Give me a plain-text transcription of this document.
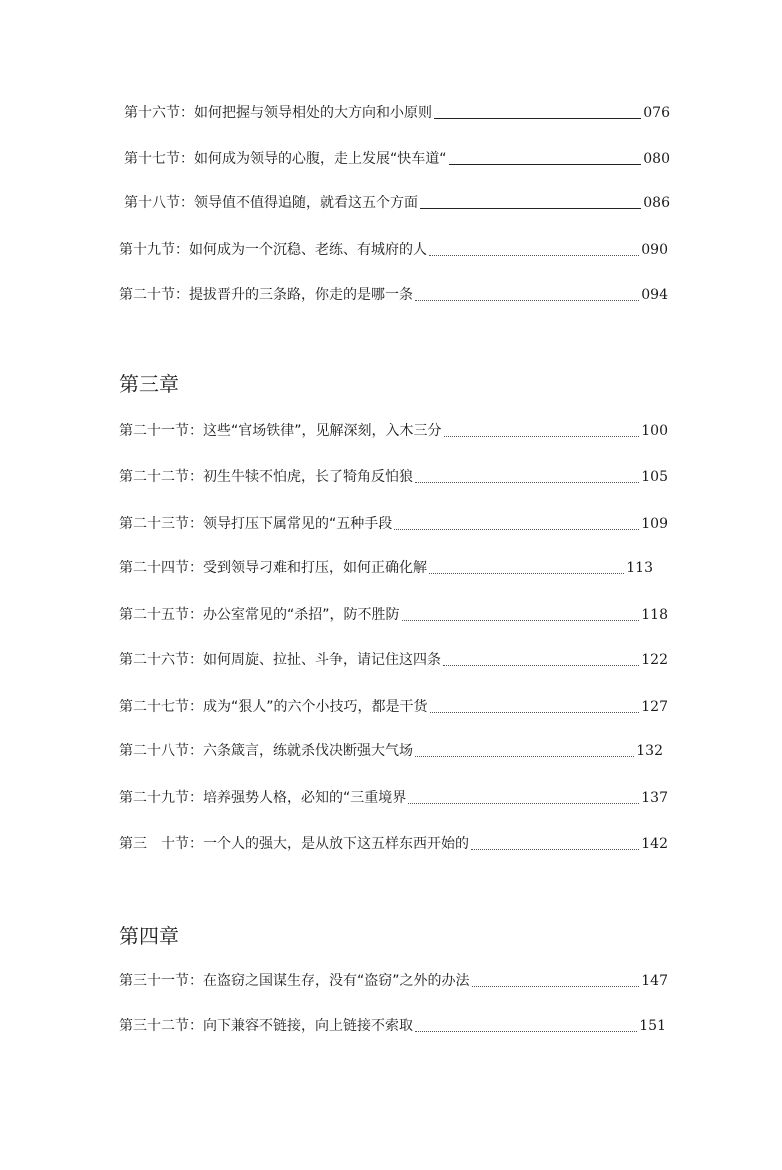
第十六节：如何把握与领导相处的大方向和小原则	076
第十七节：如何成为领导的心腹，走上发展“快车道“	080
第十八节：领导值不值得追随，就看这五个方面	086
第十九节：如何成为一个沉稳、老练、有城府的人	090
第二十节：提拔晋升的三条路，你走的是哪一条	094
第三章
第二十一节：这些“官场铁律”，见解深刻，入木三分	100
第二十二节：初生牛犊不怕虎，长了犄角反怕狼	105
第二十三节：领导打压下属常见的“五种手段	109
第二十四节：受到领导刁难和打压，如何正确化解	113
第二十五节：办公室常见的“杀招”，防不胜防	118
第二十六节：如何周旋、拉扯、斗争，请记住这四条	122
第二十七节：成为“狠人”的六个小技巧，都是干货	127
第二十八节：六条箴言，练就杀伐决断强大气场	132
第二十九节：培养强势人格，必知的“三重境界	137
第三　十节：一个人的强大，是从放下这五样东西开始的	142
第四章
第三十一节：在盗窃之国谋生存，没有“盗窃”之外的办法	147
第三十二节：向下兼容不链接，向上链接不索取	151
